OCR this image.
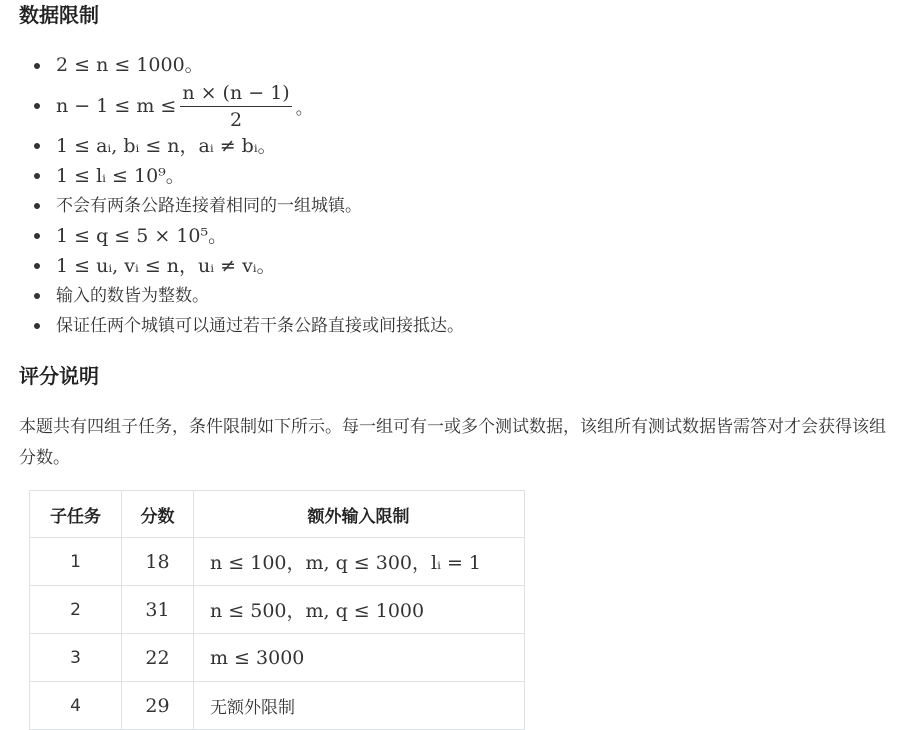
数据限制
2 ≤ n ≤ 1000。
$n - 1 \le m \le \frac{n \times (n - 1)}{2}$ 。
1 ≤ aᵢ, bᵢ ≤ n，aᵢ ≠ bᵢ。
1 ≤ lᵢ ≤ 10⁹。
不会有两条公路连接着相同的一组城镇。
1 ≤ q ≤ 5 × 10⁵。
1 ≤ uᵢ, vᵢ ≤ n，uᵢ ≠ vᵢ。
输入的数皆为整数。
保证任两个城镇可以通过若干条公路直接或间接抵达。
评分说明

本题共有四组子任务，条件限制如下所示。每一组可有一或多个测试数据，该组所有测试数据皆需答对才会获得该组分数。

子任务	分数	额外输入限制
1	18	n ≤ 100，m, q ≤ 300，lᵢ = 1
2	31	n ≤ 500，m, q ≤ 1000
3	22	m ≤ 3000
4	29	无额外限制
